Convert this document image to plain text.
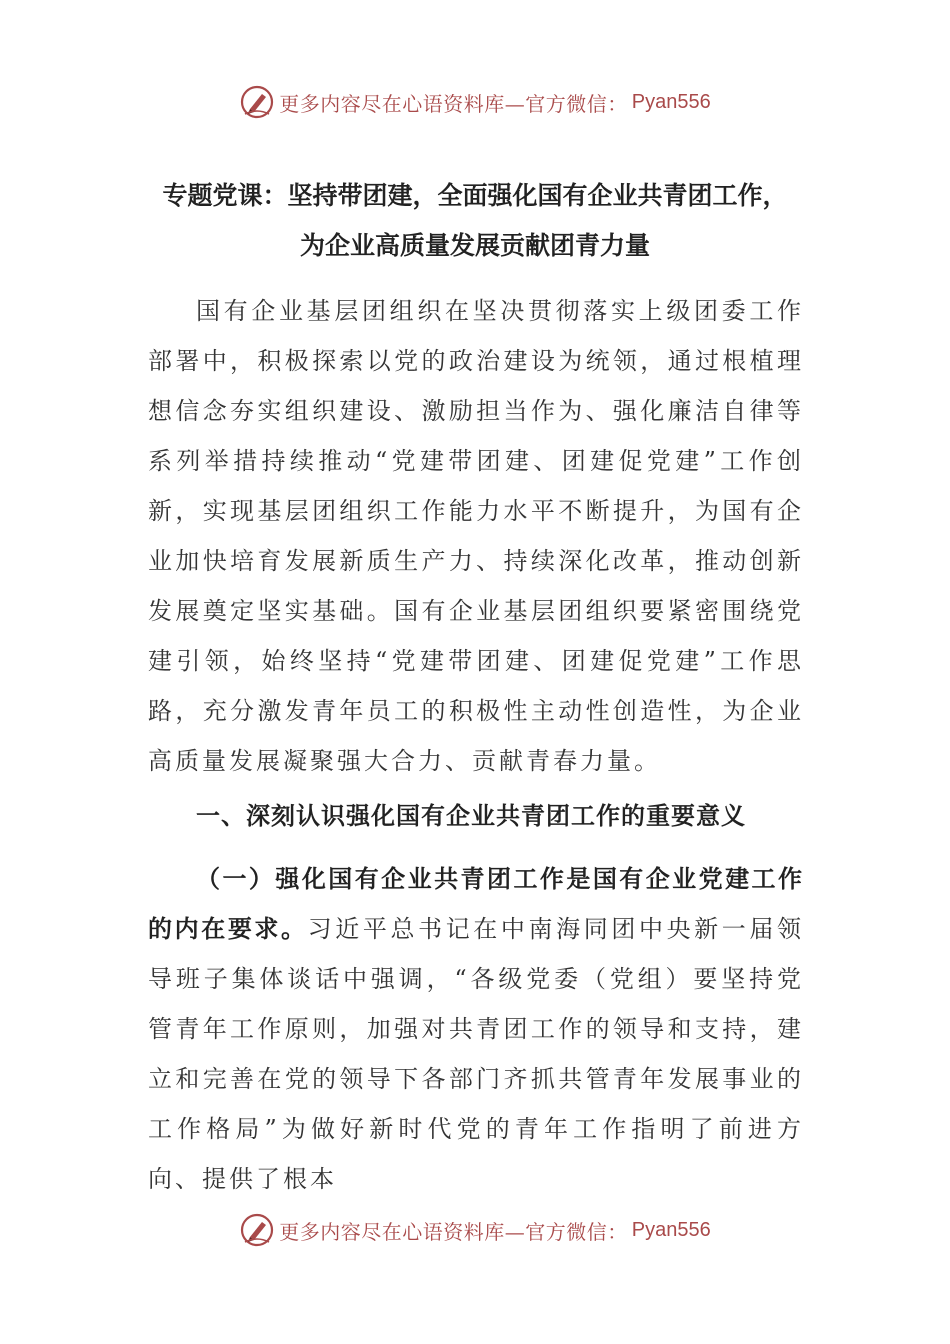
更多内容尽在心语资料库—官方微信： Pyan556
专题党课：坚持带团建，全面强化国有企业共青团工作，
为企业高质量发展贡献团青力量

国有企业基层团组织在坚决贯彻落实上级团委工作部署中，积极探索以党的政治建设为统领，通过根植理想信念夯实组织建设、激励担当作为、强化廉洁自律等系列举措持续推动“党建带团建、团建促党建”工作创新，实现基层团组织工作能力水平不断提升，为国有企业加快培育发展新质生产力、持续深化改革，推动创新发展奠定坚实基础。国有企业基层团组织要紧密围绕党建引领，始终坚持“党建带团建、团建促党建”工作思路，充分激发青年员工的积极性主动性创造性，为企业高质量发展凝聚强大合力、贡献青春力量。

一、深刻认识强化国有企业共青团工作的重要意义

（一）强化国有企业共青团工作是国有企业党建工作的内在要求。习近平总书记在中南海同团中央新一届领导班子集体谈话中强调，“各级党委（党组）要坚持党管青年工作原则，加强对共青团工作的领导和支持，建立和完善在党的领导下各部门齐抓共管青年发展事业的工作格局”为做好新时代党的青年工作指明了前进方向、提供了根本

更多内容尽在心语资料库—官方微信： Pyan556
